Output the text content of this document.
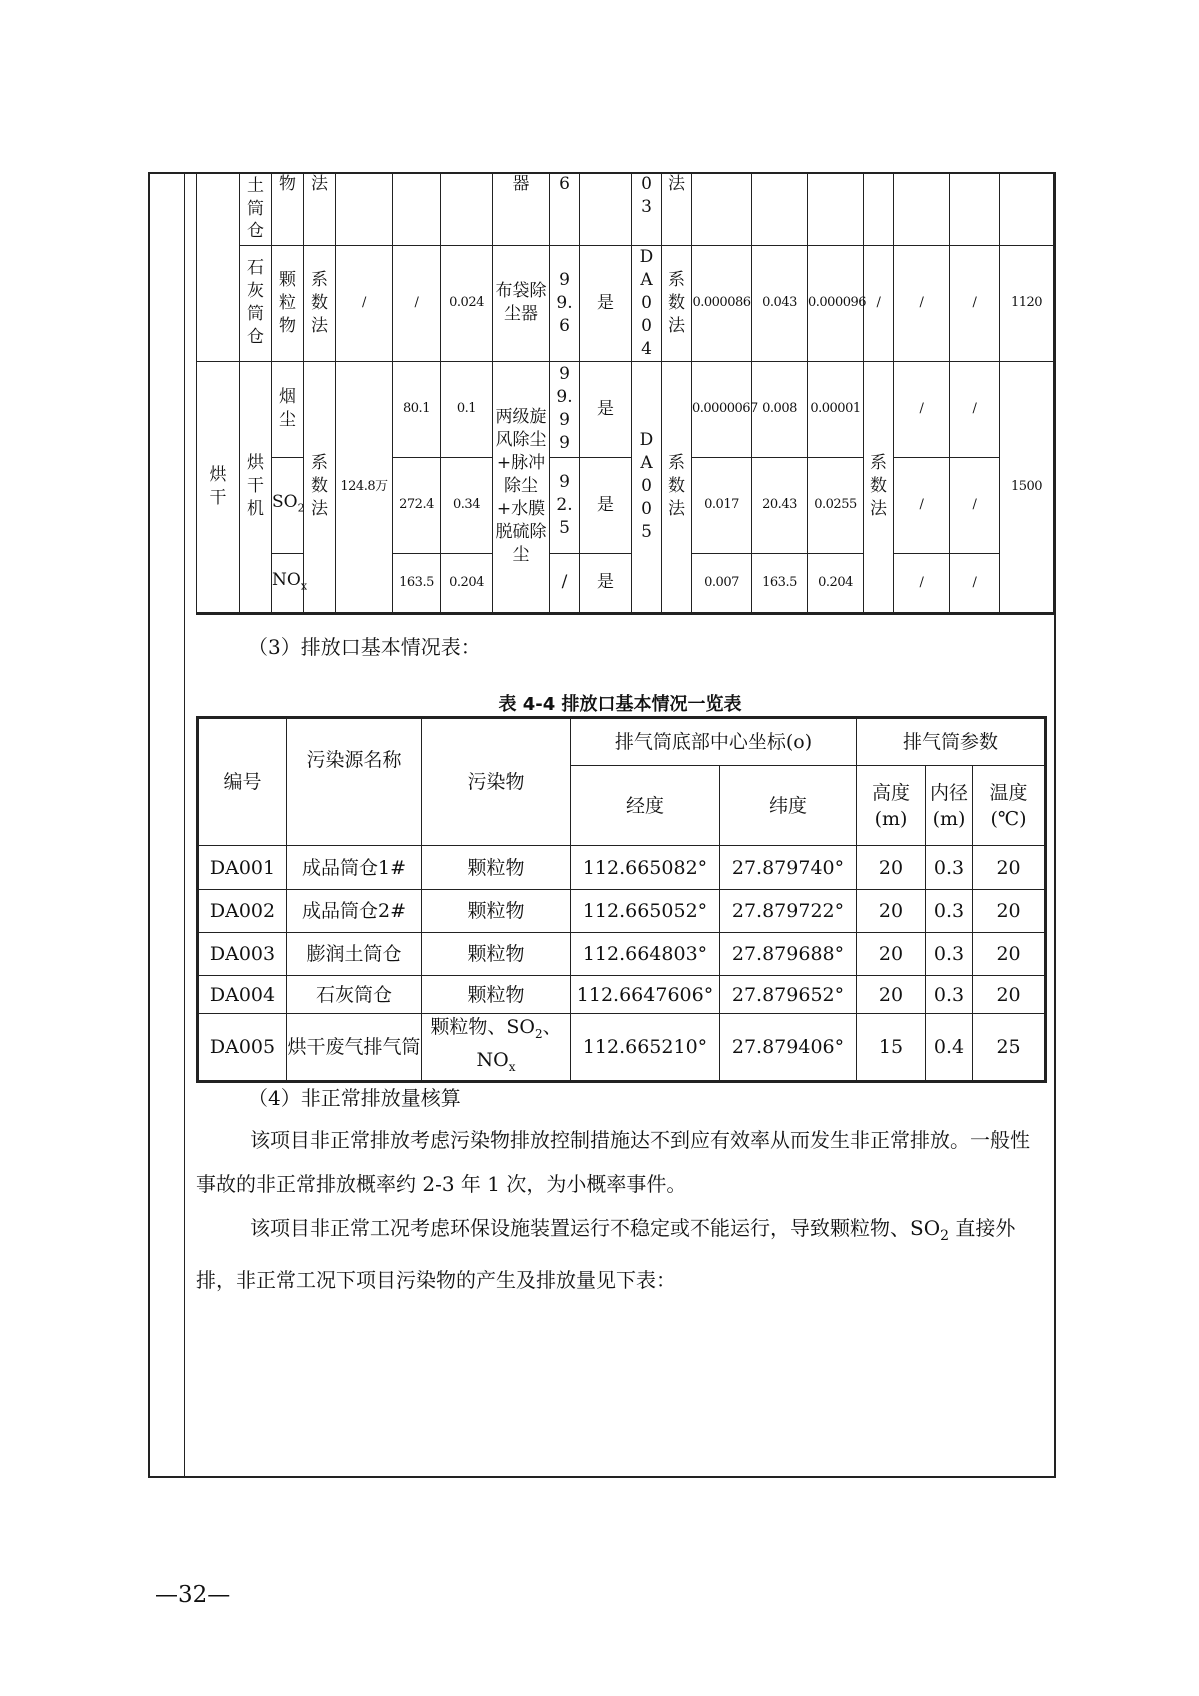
	土筒仓	物	法				器	6		03	法							
	石灰筒仓	颗粒物	系数法	/	/	0.024	布袋除尘器	99.6	是	DA004	系数法	0.000086	0.043	0.000096	/	/	/	1120
烘干	烘干机	烟尘	系数法	124.8万	80.1	0.1	两级旋风除尘+脉冲除尘+水膜脱硫除尘	99.99	是	DA005	系数法	0.0000067	0.008	0.00001	系数法	/	/	1500
		$SO_2$			272.4	0.34		92.5	是			0.017	20.43	0.0255		/	/	
		$NO_x$			163.5	0.204		/	是			0.007	163.5	0.204		/	/	
（3）排放口基本情况表：
表 4-4 排放口基本情况一览表
编号	污染源名称	污染物	排气筒底部中心坐标(o)		排气筒参数		
			经度	纬度	高度(m)	内径(m)	温度(℃)
DA001	成品筒仓1#	颗粒物	112.665082°	27.879740°	20	0.3	20
DA002	成品筒仓2#	颗粒物	112.665052°	27.879722°	20	0.3	20
DA003	膨润土筒仓	颗粒物	112.664803°	27.879688°	20	0.3	20
DA004	石灰筒仓	颗粒物	112.6647606°	27.879652°	20	0.3	20
DA005	烘干废气排气筒	颗粒物、$SO_2$、
$NO_x$	112.665210°	27.879406°	15	0.4	25
（4）非正常排放量核算

该项目非正常排放考虑污染物排放控制措施达不到应有效率从而发生非正常排放。一般性事故的非正常排放概率约 2-3 年 1 次，为小概率事件。

该项目非正常工况考虑环保设施装置运行不稳定或不能运行，导致颗粒物、$SO_2$ 直接外排，非正常工况下项目污染物的产生及排放量见下表：

—32—
